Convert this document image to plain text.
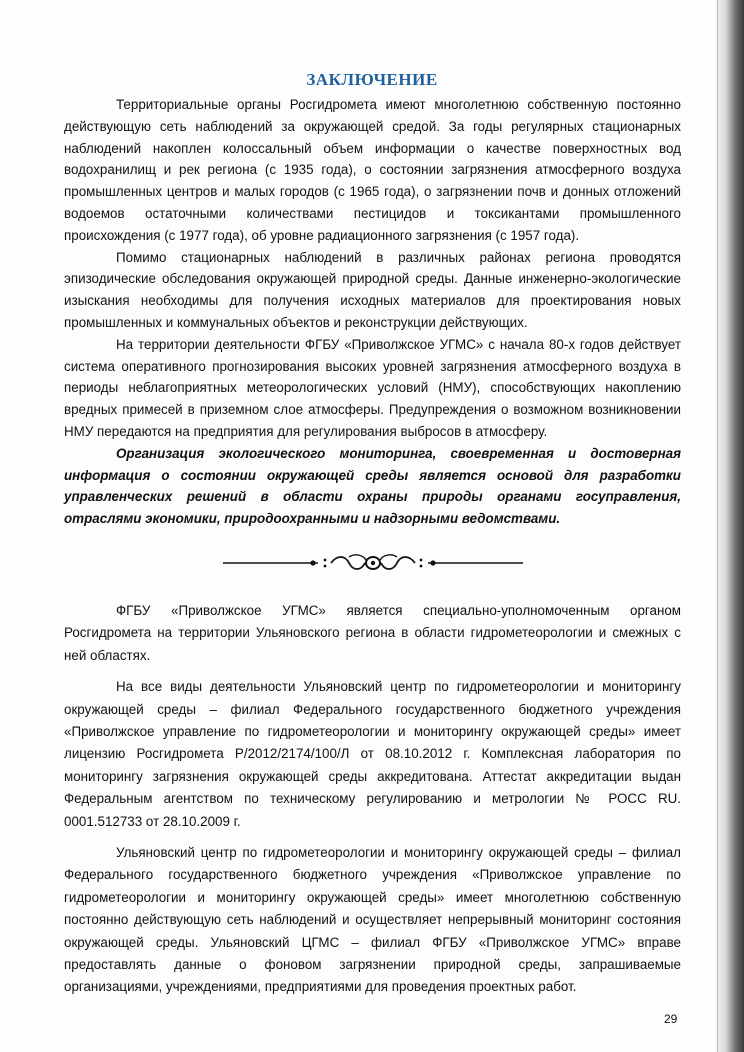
ЗАКЛЮЧЕНИЕ

Территориальные органы Росгидромета имеют многолетнюю собственную постоянно действующую сеть наблюдений за окружающей средой. За годы регулярных стационарных наблюдений накоплен колоссальный объем информации о качестве поверхностных вод водохранилищ и рек региона (с 1935 года), о состоянии загрязнения атмосферного воздуха промышленных центров и малых городов (с 1965 года), о загрязнении почв и донных отложений водоемов остаточными количествами пестицидов и токсикантами промышленного происхождения (с 1977 года), об уровне радиационного загрязнения (с 1957 года).

Помимо стационарных наблюдений в различных районах региона проводятся эпизодические обследования окружающей природной среды. Данные инженерно-экологические изыскания необходимы для получения исходных материалов для проектирования новых промышленных и коммунальных объектов и реконструкции действующих.

На территории деятельности ФГБУ «Приволжское УГМС» с начала 80-х годов действует система оперативного прогнозирования высоких уровней загрязнения атмосферного воздуха в периоды неблагоприятных метеорологических условий (НМУ), способствующих накоплению вредных примесей в приземном слое атмосферы. Предупреждения о возможном возникновении НМУ передаются на предприятия для регулирования выбросов в атмосферу.

Организация экологического мониторинга, своевременная и достоверная информация о состоянии окружающей среды является основой для разработки управленческих решений в области охраны природы органами госуправления, отраслями экономики, природоохранными и надзорными ведомствами.

ФГБУ «Приволжское УГМС» является специально-уполномоченным органом Росгидромета на территории Ульяновского региона в области гидрометеорологии и смежных с ней областях.

На все виды деятельности Ульяновский центр по гидрометеорологии и мониторингу окружающей среды – филиал Федерального государственного бюджетного учреждения «Приволжское управление по гидрометеорологии и мониторингу окружающей среды» имеет лицензию Росгидромета Р/2012/2174/100/Л от 08.10.2012 г. Комплексная лаборатория по мониторингу загрязнения окружающей среды аккредитована. Аттестат аккредитации выдан Федеральным агентством по техническому регулированию и метрологии № РОСС RU. 0001.512733 от 28.10.2009 г.

Ульяновский центр по гидрометеорологии и мониторингу окружающей среды – филиал Федерального государственного бюджетного учреждения «Приволжское управление по гидрометеорологии и мониторингу окружающей среды» имеет многолетнюю собственную постоянно действующую сеть наблюдений и осуществляет непрерывный мониторинг состояния окружающей среды. Ульяновский ЦГМС – филиал ФГБУ «Приволжское УГМС» вправе предоставлять данные о фоновом загрязнении природной среды, запрашиваемые организациями, учреждениями, предприятиями для проведения проектных работ.

29
